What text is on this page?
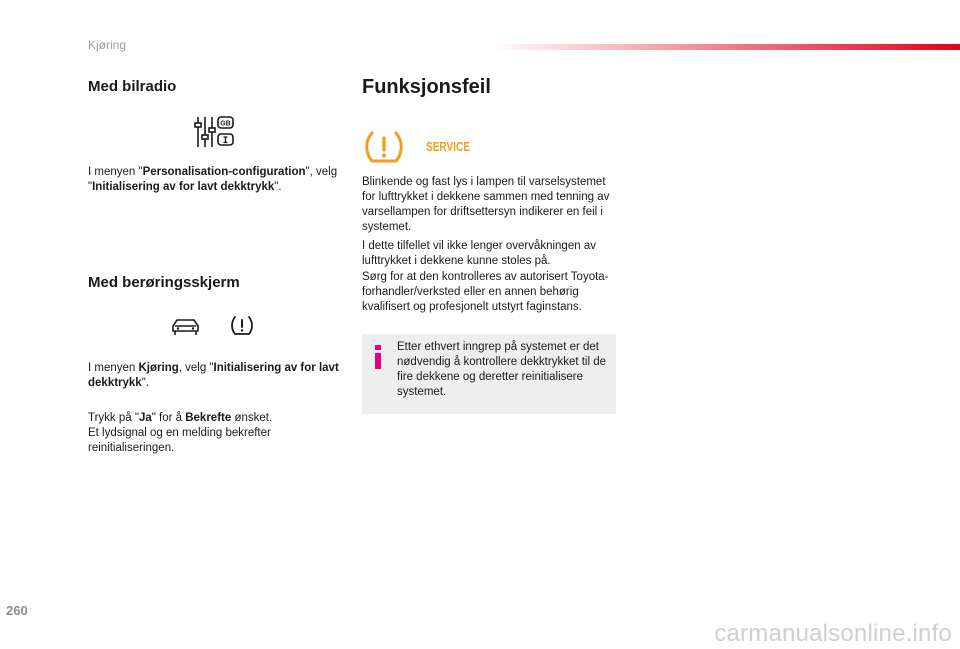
Kjøring
Med bilradio
GB

I menyen "Personalisation-configuration", velg "Initialisering av for lavt dekktrykk".

Med berøringsskjerm

I menyen Kjøring, velg "Initialisering av for lavt dekktrykk".

Trykk på "Ja" for å Bekrefte ønsket.
Et lydsignal og en melding bekrefter
reinitialiseringen.

Funksjonsfeil
SERVICE

Blinkende og fast lys i lampen til varselsystemet for lufttrykket i dekkene sammen med tenning av varsellampen for driftsettersyn indikerer en feil i systemet.

I dette tilfellet vil ikke lenger overvåkningen av lufttrykket i dekkene kunne stoles på.

Sørg for at den kontrolleres av autorisert Toyota-forhandler/verksted eller en annen behørig kvalifisert og profesjonelt utstyrt faginstans.

Etter ethvert inngrep på systemet er det nødvendig å kontrollere dekktrykket til de fire dekkene og deretter reinitialisere systemet.
260
carmanualsonline.info
